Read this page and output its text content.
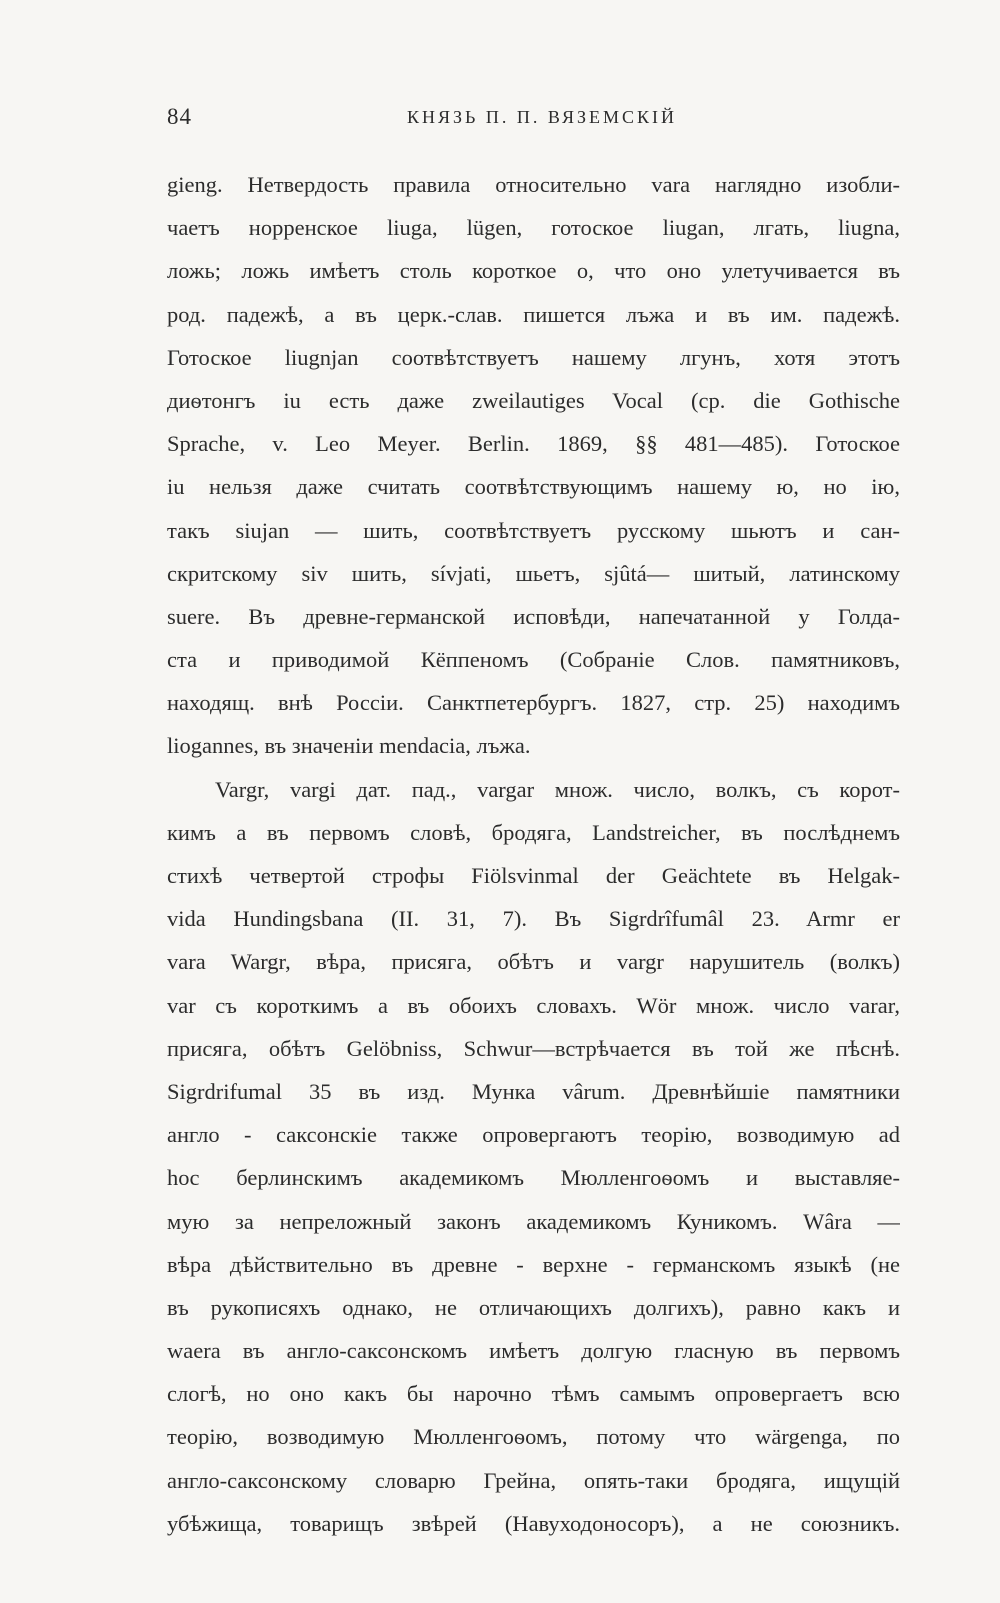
84	КНЯЗЬ П. П. ВЯЗЕМСКІЙ
gieng. Нетвердость правила относительно vara наглядно изобли-
чаетъ норренское liuga, lügen, готоское liugan, лгать, liugna,
ложь; ложь имѣетъ столь короткое о, что оно улетучивается въ
род. падежѣ, а въ церк.-слав. пишется лъжа и въ им. падежѣ.
Готоское liugnjan соотвѣтствуетъ нашему лгунъ, хотя этотъ
диѳтонгъ iu есть даже zweilautiges Vocal (ср. die Gothische
Sprache, v. Leo Meyer. Berlin. 1869, §§ 481—485). Готоское
iu нельзя даже считать соотвѣтствующимъ нашему ю, но ію,
такъ siujan — шить, соотвѣтствуетъ русскому шьютъ и сан-
скритскому siv шить, sívjati, шьетъ, sjûtá— шитый, латинскому
suere. Въ древне-германской исповѣди, напечатанной у Голда-
ста и приводимой Кёппеномъ (Собраніе Слов. памятниковъ,
находящ. внѣ Россіи. Санктпетербургъ. 1827, стр. 25) находимъ
liogannes, въ значеніи mendacia, лъжа.
Vargr, vargi дат. пад., vargar множ. число, волкъ, съ корот-
кимъ а въ первомъ словѣ, бродяга, Landstreicher, въ послѣднемъ
стихѣ четвертой строфы Fiölsvinmal der Geächtete въ Helgak-
vida Hundingsbana (II. 31, 7). Въ Sigrdrîfumâl 23. Armr er
vara Wargr, вѣра, присяга, обѣтъ и vargr нарушитель (волкъ)
var съ короткимъ а въ обоихъ словахъ. Wör множ. число varar,
присяга, обѣтъ Gelöbniss, Schwur—встрѣчается въ той же пѣснѣ.
Sigrdrifumal 35 въ изд. Мунка vârum. Древнѣйшіе памятники
англо - саксонскіе также опровергаютъ теорію, возводимую ad
hoc берлинскимъ академикомъ Мюлленгоѳомъ и выставляе-
мую за непреложный законъ академикомъ Куникомъ. Wâra —
вѣра дѣйствительно въ древне - верхне - германскомъ языкѣ (не
въ рукописяхъ однако, не отличающихъ долгихъ), равно какъ и
waera въ англо-саксонскомъ имѣетъ долгую гласную въ первомъ
слогѣ, но оно какъ бы нарочно тѣмъ самымъ опровергаетъ всю
теорію, возводимую Мюлленгоѳомъ, потому что wärgenga, по
англо-саксонскому словарю Грейна, опять-таки бродяга, ищущій
убѣжища, товарищъ звѣрей (Навуходоносоръ), а не союзникъ.
